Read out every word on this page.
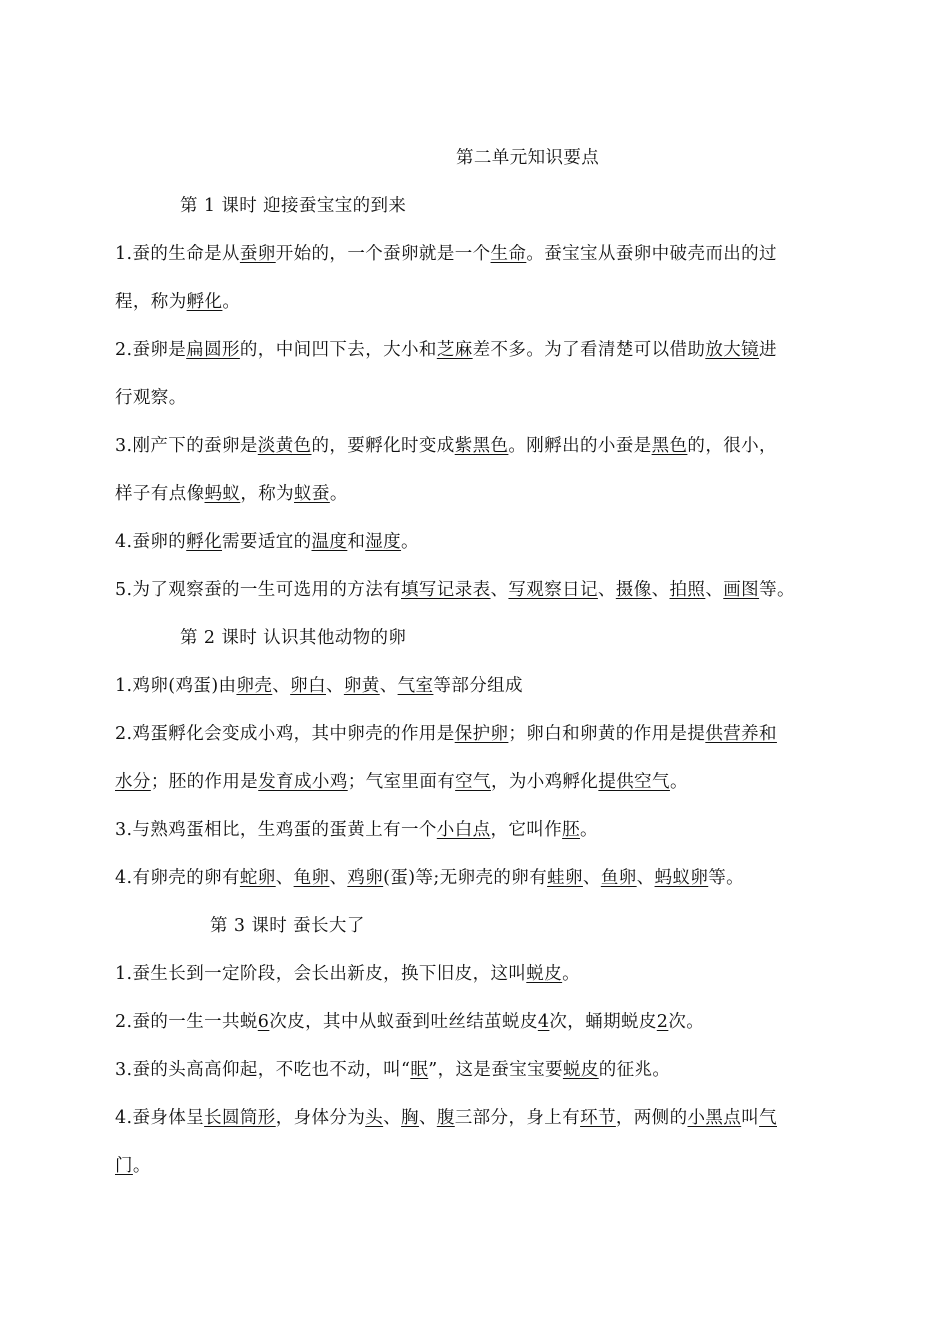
第二单元知识要点
第 1 课时 迎接蚕宝宝的到来
1.蚕的生命是从蚕卵开始的，一个蚕卵就是一个生命。蚕宝宝从蚕卵中破壳而出的过
程，称为孵化。
2.蚕卵是扁圆形的，中间凹下去，大小和芝麻差不多。为了看清楚可以借助放大镜进
行观察。
3.刚产下的蚕卵是淡黄色的，要孵化时变成紫黑色。刚孵出的小蚕是黑色的，很小，
样子有点像蚂蚁，称为蚁蚕。
4.蚕卵的孵化需要适宜的温度和湿度。
5.为了观察蚕的一生可选用的方法有填写记录表、写观察日记、摄像、拍照、画图等。
第 2 课时 认识其他动物的卵
1.鸡卵(鸡蛋)由卵壳、卵白、卵黄、气室等部分组成
2.鸡蛋孵化会变成小鸡，其中卵壳的作用是保护卵；卵白和卵黄的作用是提供营养和
水分；胚的作用是发育成小鸡；气室里面有空气，为小鸡孵化提供空气。
3.与熟鸡蛋相比，生鸡蛋的蛋黄上有一个小白点，它叫作胚。
4.有卵壳的卵有蛇卵、龟卵、鸡卵(蛋)等;无卵壳的卵有蛙卵、鱼卵、蚂蚁卵等。
第 3 课时 蚕长大了
1.蚕生长到一定阶段，会长出新皮，换下旧皮，这叫蜕皮。
2.蚕的一生一共蜕6次皮，其中从蚁蚕到吐丝结茧蜕皮4次，蛹期蜕皮2次。
3.蚕的头高高仰起，不吃也不动，叫“眠”，这是蚕宝宝要蜕皮的征兆。
4.蚕身体呈长圆筒形，身体分为头、胸、腹三部分，身上有环节，两侧的小黑点叫气
门。
